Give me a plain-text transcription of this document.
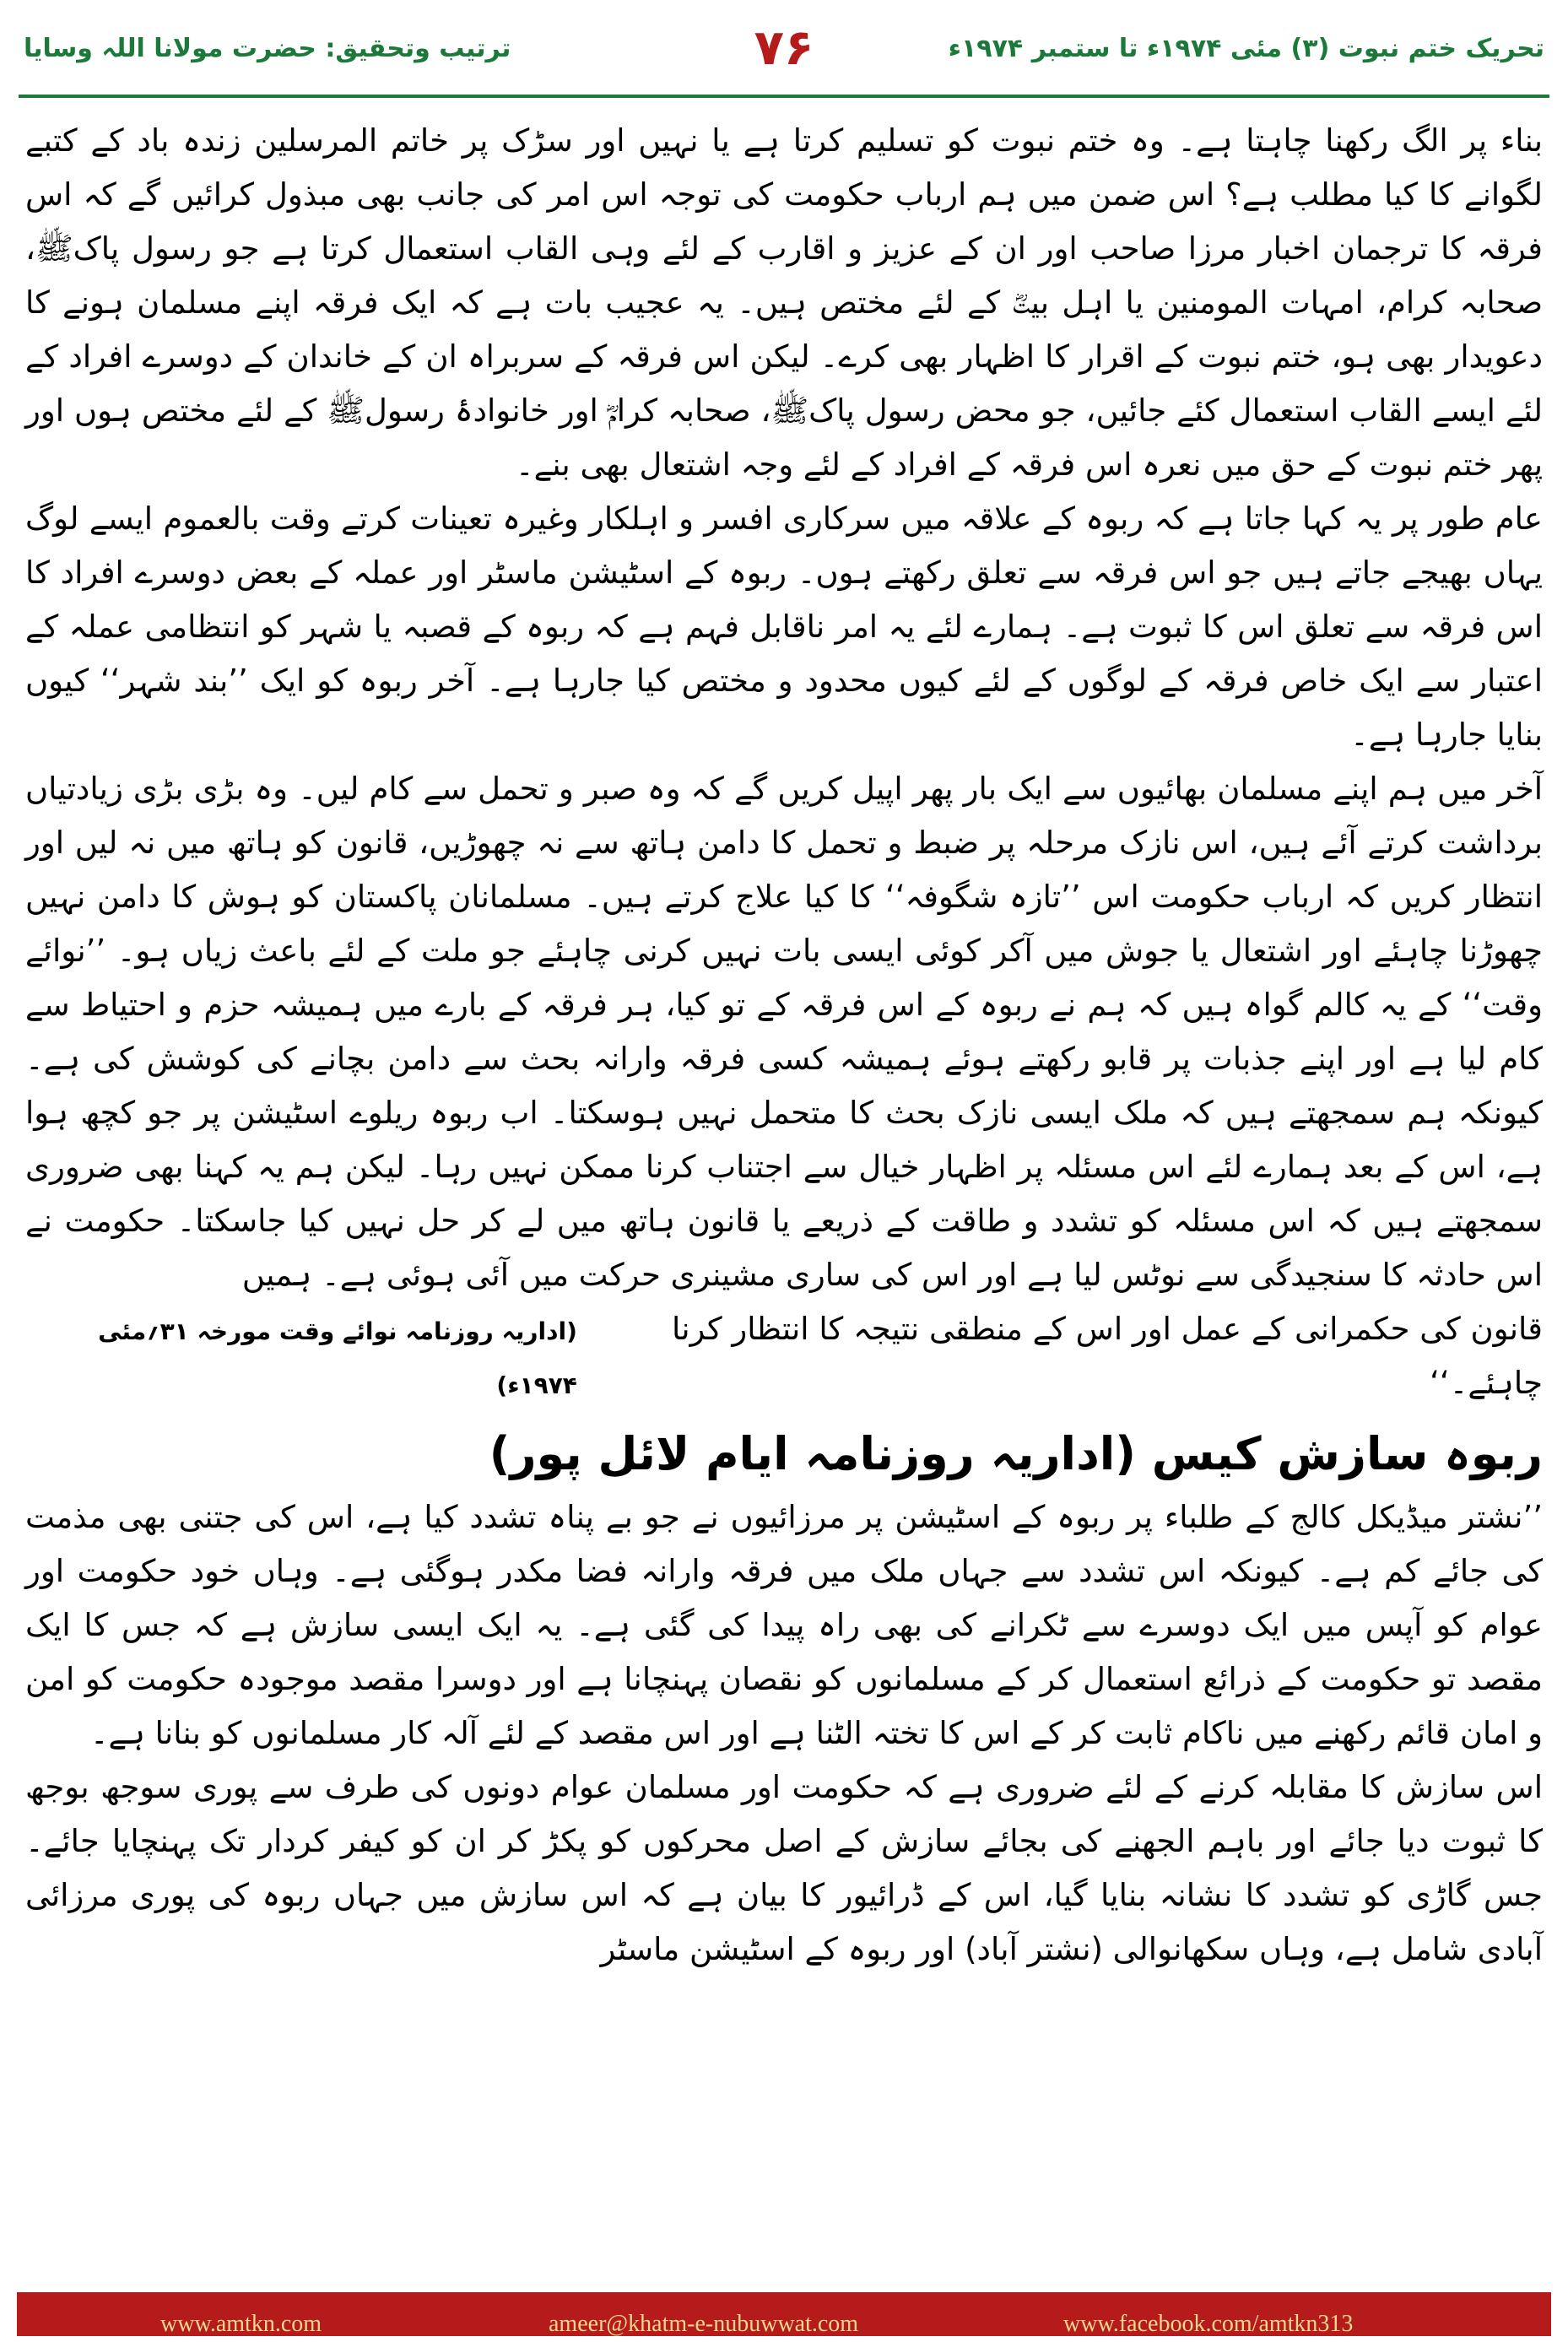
ترتیب وتحقیق: حضرت مولانا اللہ وسایا	۷۶	تحریک ختم نبوت (۳) مئی ۱۹۷۴ء تا ستمبر ۱۹۷۴ء

بناء پر الگ رکھنا چاہتا ہے۔ وہ ختم نبوت کو تسلیم کرتا ہے یا نہیں اور سڑک پر خاتم المرسلین زندہ باد کے کتبے لگوانے کا کیا مطلب ہے؟ اس ضمن میں ہم ارباب حکومت کی توجہ اس امر کی جانب بھی مبذول کرائیں گے کہ اس فرقہ کا ترجمان اخبار مرزا صاحب اور ان کے عزیز و اقارب کے لئے وہی القاب استعمال کرتا ہے جو رسول پاکﷺ، صحابہ کرام، امہات المومنین یا اہل بیتؓ کے لئے مختص ہیں۔ یہ عجیب بات ہے کہ ایک فرقہ اپنے مسلمان ہونے کا دعویدار بھی ہو، ختم نبوت کے اقرار کا اظہار بھی کرے۔ لیکن اس فرقہ کے سربراہ ان کے خاندان کے دوسرے افراد کے لئے ایسے القاب استعمال کئے جائیں، جو محض رسول پاکﷺ، صحابہ کرامؓ اور خانوادۂ رسولﷺ کے لئے مختص ہوں اور پھر ختم نبوت کے حق میں نعرہ اس فرقہ کے افراد کے لئے وجہ اشتعال بھی بنے۔

عام طور پر یہ کہا جاتا ہے کہ ربوہ کے علاقہ میں سرکاری افسر و اہلکار وغیرہ تعینات کرتے وقت بالعموم ایسے لوگ یہاں بھیجے جاتے ہیں جو اس فرقہ سے تعلق رکھتے ہوں۔ ربوہ کے اسٹیشن ماسٹر اور عملہ کے بعض دوسرے افراد کا اس فرقہ سے تعلق اس کا ثبوت ہے۔ ہمارے لئے یہ امر ناقابل فہم ہے کہ ربوہ کے قصبہ یا شہر کو انتظامی عملہ کے اعتبار سے ایک خاص فرقہ کے لوگوں کے لئے کیوں محدود و مختص کیا جارہا ہے۔ آخر ربوہ کو ایک ’’بند شہر‘‘ کیوں بنایا جارہا ہے۔

آخر میں ہم اپنے مسلمان بھائیوں سے ایک بار پھر اپیل کریں گے کہ وہ صبر و تحمل سے کام لیں۔ وہ بڑی بڑی زیادتیاں برداشت کرتے آئے ہیں، اس نازک مرحلہ پر ضبط و تحمل کا دامن ہاتھ سے نہ چھوڑیں، قانون کو ہاتھ میں نہ لیں اور انتظار کریں کہ ارباب حکومت اس ’’تازہ شگوفہ‘‘ کا کیا علاج کرتے ہیں۔ مسلمانان پاکستان کو ہوش کا دامن نہیں چھوڑنا چاہئے اور اشتعال یا جوش میں آکر کوئی ایسی بات نہیں کرنی چاہئے جو ملت کے لئے باعث زیاں ہو۔ ’’نوائے وقت‘‘ کے یہ کالم گواہ ہیں کہ ہم نے ربوہ کے اس فرقہ کے تو کیا، ہر فرقہ کے بارے میں ہمیشہ حزم و احتیاط سے کام لیا ہے اور اپنے جذبات پر قابو رکھتے ہوئے ہمیشہ کسی فرقہ وارانہ بحث سے دامن بچانے کی کوشش کی ہے۔ کیونکہ ہم سمجھتے ہیں کہ ملک ایسی نازک بحث کا متحمل نہیں ہوسکتا۔ اب ربوہ ریلوے اسٹیشن پر جو کچھ ہوا ہے، اس کے بعد ہمارے لئے اس مسئلہ پر اظہار خیال سے اجتناب کرنا ممکن نہیں رہا۔ لیکن ہم یہ کہنا بھی ضروری سمجھتے ہیں کہ اس مسئلہ کو تشدد و طاقت کے ذریعے یا قانون ہاتھ میں لے کر حل نہیں کیا جاسکتا۔ حکومت نے اس حادثہ کا سنجیدگی سے نوٹس لیا ہے اور اس کی ساری مشینری حرکت میں آئی ہوئی ہے۔ ہمیں

قانون کی حکمرانی کے عمل اور اس کے منطقی نتیجہ کا انتظار کرنا چاہئے۔‘‘
(اداریہ روزنامہ نوائے وقت مورخہ ۳۱؍مئی ۱۹۷۴ء)
ربوہ سازش کیس (اداریہ روزنامہ ایام لائل پور)

’’نشتر میڈیکل کالج کے طلباء پر ربوہ کے اسٹیشن پر مرزائیوں نے جو بے پناہ تشدد کیا ہے، اس کی جتنی بھی مذمت کی جائے کم ہے۔ کیونکہ اس تشدد سے جہاں ملک میں فرقہ وارانہ فضا مکدر ہوگئی ہے۔ وہاں خود حکومت اور عوام کو آپس میں ایک دوسرے سے ٹکرانے کی بھی راہ پیدا کی گئی ہے۔ یہ ایک ایسی سازش ہے کہ جس کا ایک مقصد تو حکومت کے ذرائع استعمال کر کے مسلمانوں کو نقصان پہنچانا ہے اور دوسرا مقصد موجودہ حکومت کو امن و امان قائم رکھنے میں ناکام ثابت کر کے اس کا تختہ الٹنا ہے اور اس مقصد کے لئے آلہ کار مسلمانوں کو بنانا ہے۔

اس سازش کا مقابلہ کرنے کے لئے ضروری ہے کہ حکومت اور مسلمان عوام دونوں کی طرف سے پوری سوجھ بوجھ کا ثبوت دیا جائے اور باہم الجھنے کی بجائے سازش کے اصل محرکوں کو پکڑ کر ان کو کیفر کردار تک پہنچایا جائے۔ جس گاڑی کو تشدد کا نشانہ بنایا گیا، اس کے ڈرائیور کا بیان ہے کہ اس سازش میں جہاں ربوہ کی پوری مرزائی آبادی شامل ہے، وہاں سکھانوالی (نشتر آباد) اور ربوہ کے اسٹیشن ماسٹر

www.amtkn.com	ameer@khatm-e-nubuwwat.com	www.facebook.com/amtkn313
